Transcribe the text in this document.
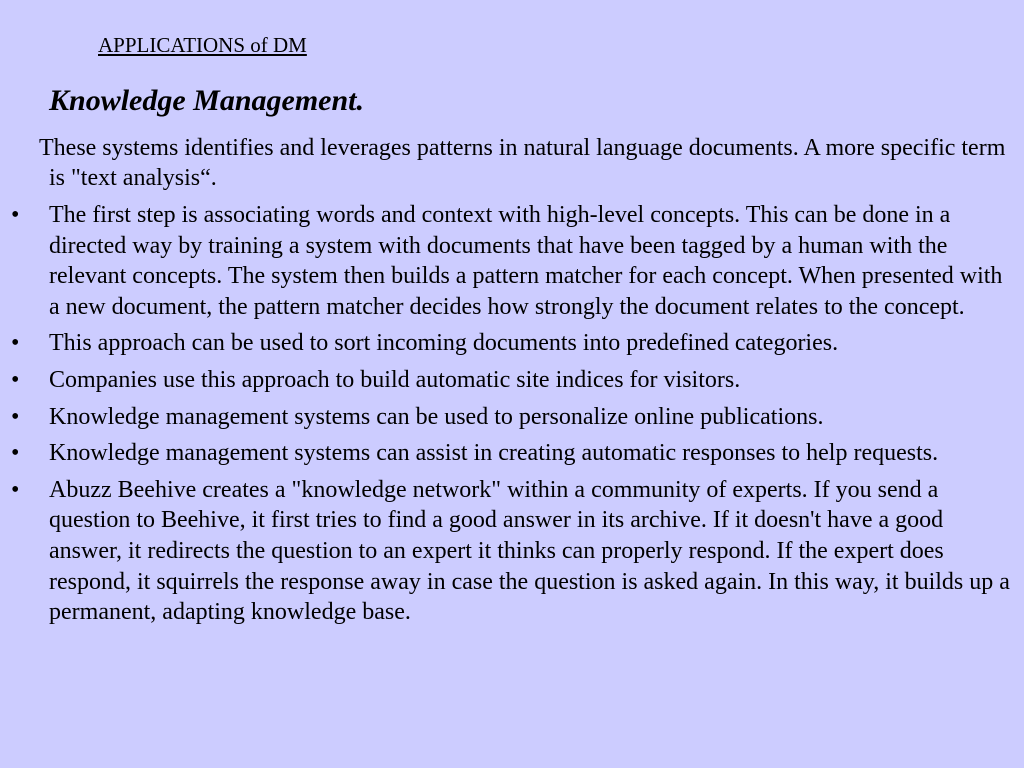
APPLICATIONS of DM
Knowledge Management.
These systems identifies and leverages patterns in natural language documents. A more specific term is "text analysis“.
•	The first step is associating words and context with high-level concepts. This can be done in a directed way by training a system with documents that have been tagged by a human with the relevant concepts. The system then builds a pattern matcher for each concept. When presented with a new document, the pattern matcher decides how strongly the document relates to the concept.
•	This approach can be used to sort incoming documents into predefined categories.
•	Companies use this approach to build automatic site indices for visitors.
•	Knowledge management systems can be used to personalize online publications.
•	Knowledge management systems can assist in creating automatic responses to help requests.
•	Abuzz Beehive creates a "knowledge network" within a community of experts. If you send a question to Beehive, it first tries to find a good answer in its archive. If it doesn't have a good answer, it redirects the question to an expert it thinks can properly respond. If the expert does respond, it squirrels the response away in case the question is asked again. In this way, it builds up a permanent, adapting knowledge base.
